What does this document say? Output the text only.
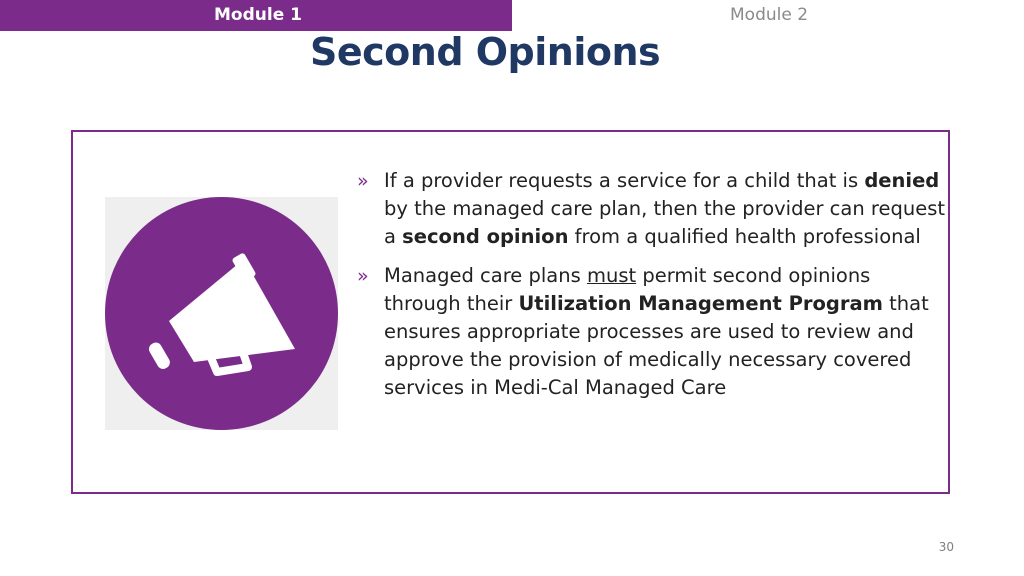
Module 1	Module 2
Second Opinions
» If a provider requests a service for a child that is denied by the managed care plan, then the provider can request a second opinion from a qualified health professional
» Managed care plans must permit second opinions through their Utilization Management Program that ensures appropriate processes are used to review and approve the provision of medically necessary covered services in Medi-Cal Managed Care
30
